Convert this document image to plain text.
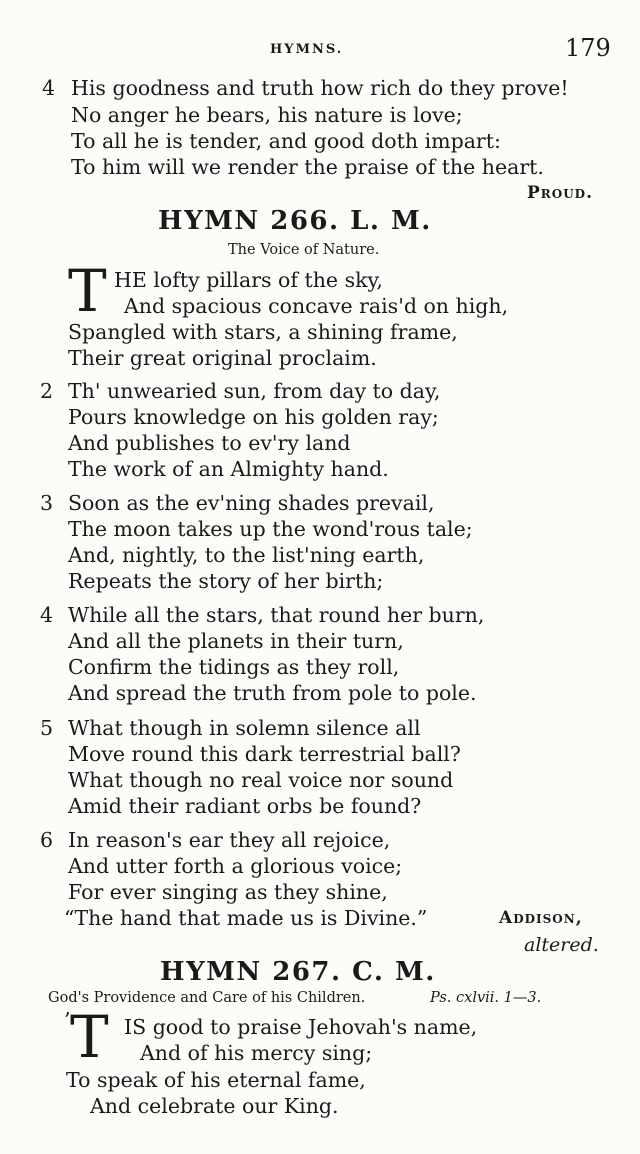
HYMNS.	179
4 His goodness and truth how rich do they prove!
No anger he bears, his nature is love;
To all he is tender, and good doth impart:
To him will we render the praise of the heart.
Proud.
HYMN 266. L. M.
The Voice of Nature.
T HE lofty pillars of the sky,
And spacious concave rais'd on high,
Spangled with stars, a shining frame,
Their great original proclaim.
2 Th' unwearied sun, from day to day,
Pours knowledge on his golden ray;
And publishes to ev'ry land
The work of an Almighty hand.
3 Soon as the ev'ning shades prevail,
The moon takes up the wond'rous tale;
And, nightly, to the list'ning earth,
Repeats the story of her birth;
4 While all the stars, that round her burn,
And all the planets in their turn,
Confirm the tidings as they roll,
And spread the truth from pole to pole.
5 What though in solemn silence all
Move round this dark terrestrial ball?
What though no real voice nor sound
Amid their radiant orbs be found?
6 In reason's ear they all rejoice,
And utter forth a glorious voice;
For ever singing as they shine,
“The hand that made us is Divine.”	Addison,
altered.
HYMN 267. C. M.
God's Providence and Care of his Children.	Ps. cxlvii. 1—3.
’ T IS good to praise Jehovah's name,
And of his mercy sing;
To speak of his eternal fame,
And celebrate our King.
